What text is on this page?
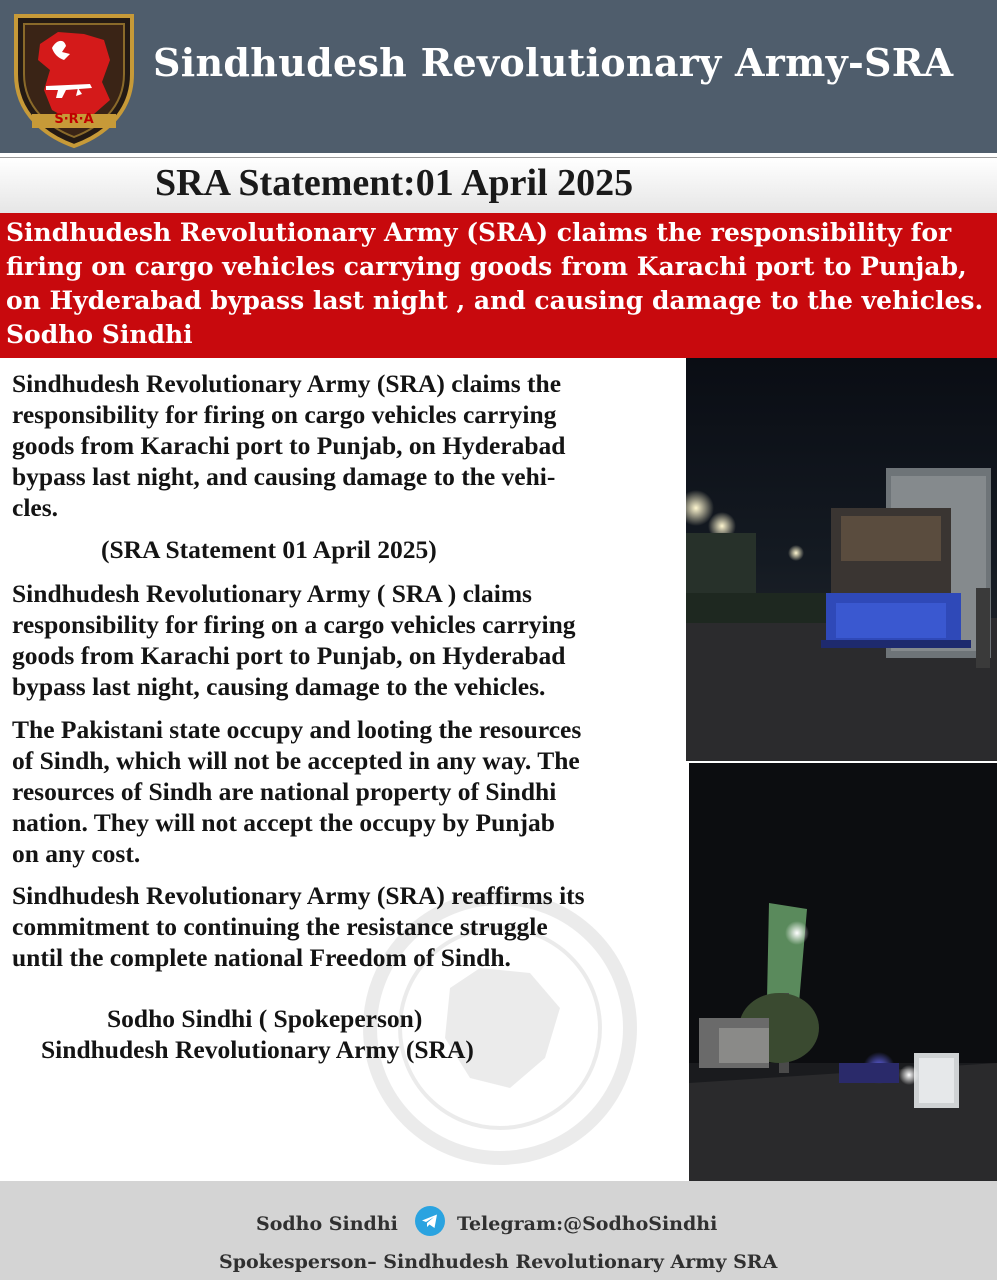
S·R·A
Sindhudesh Revolutionary Army-SRA
SRA Statement:01 April 2025
Sindhudesh Revolutionary Army (SRA) claims the responsibility for
firing on cargo vehicles carrying goods from Karachi port to Punjab,
on Hyderabad bypass last night , and causing damage to the vehicles.
Sodho Sindhi
Sindhudesh Revolutionary Army (SRA) claims the
responsibility for firing on cargo vehicles carrying
goods from Karachi port to Punjab, on Hyderabad
bypass last night, and causing damage to the vehi-
cles.
(SRA Statement 01 April 2025)
Sindhudesh Revolutionary Army ( SRA ) claims
responsibility for firing on a cargo vehicles carrying
goods from Karachi port to Punjab, on Hyderabad
bypass last night, causing damage to the vehicles.
The Pakistani state occupy and looting the resources
of Sindh, which will not be accepted in any way. The
resources of Sindh are national property of Sindhi
nation. They will not accept the occupy by Punjab
on any cost.
Sindhudesh Revolutionary Army (SRA) reaffirms its
commitment to continuing the resistance struggle
until the complete national Freedom of Sindh.
Sodho Sindhi ( Spokeperson)
Sindhudesh Revolutionary Army (SRA)
Sodho Sindhi	Telegram:@SodhoSindhi
Spokesperson– Sindhudesh Revolutionary Army SRA
